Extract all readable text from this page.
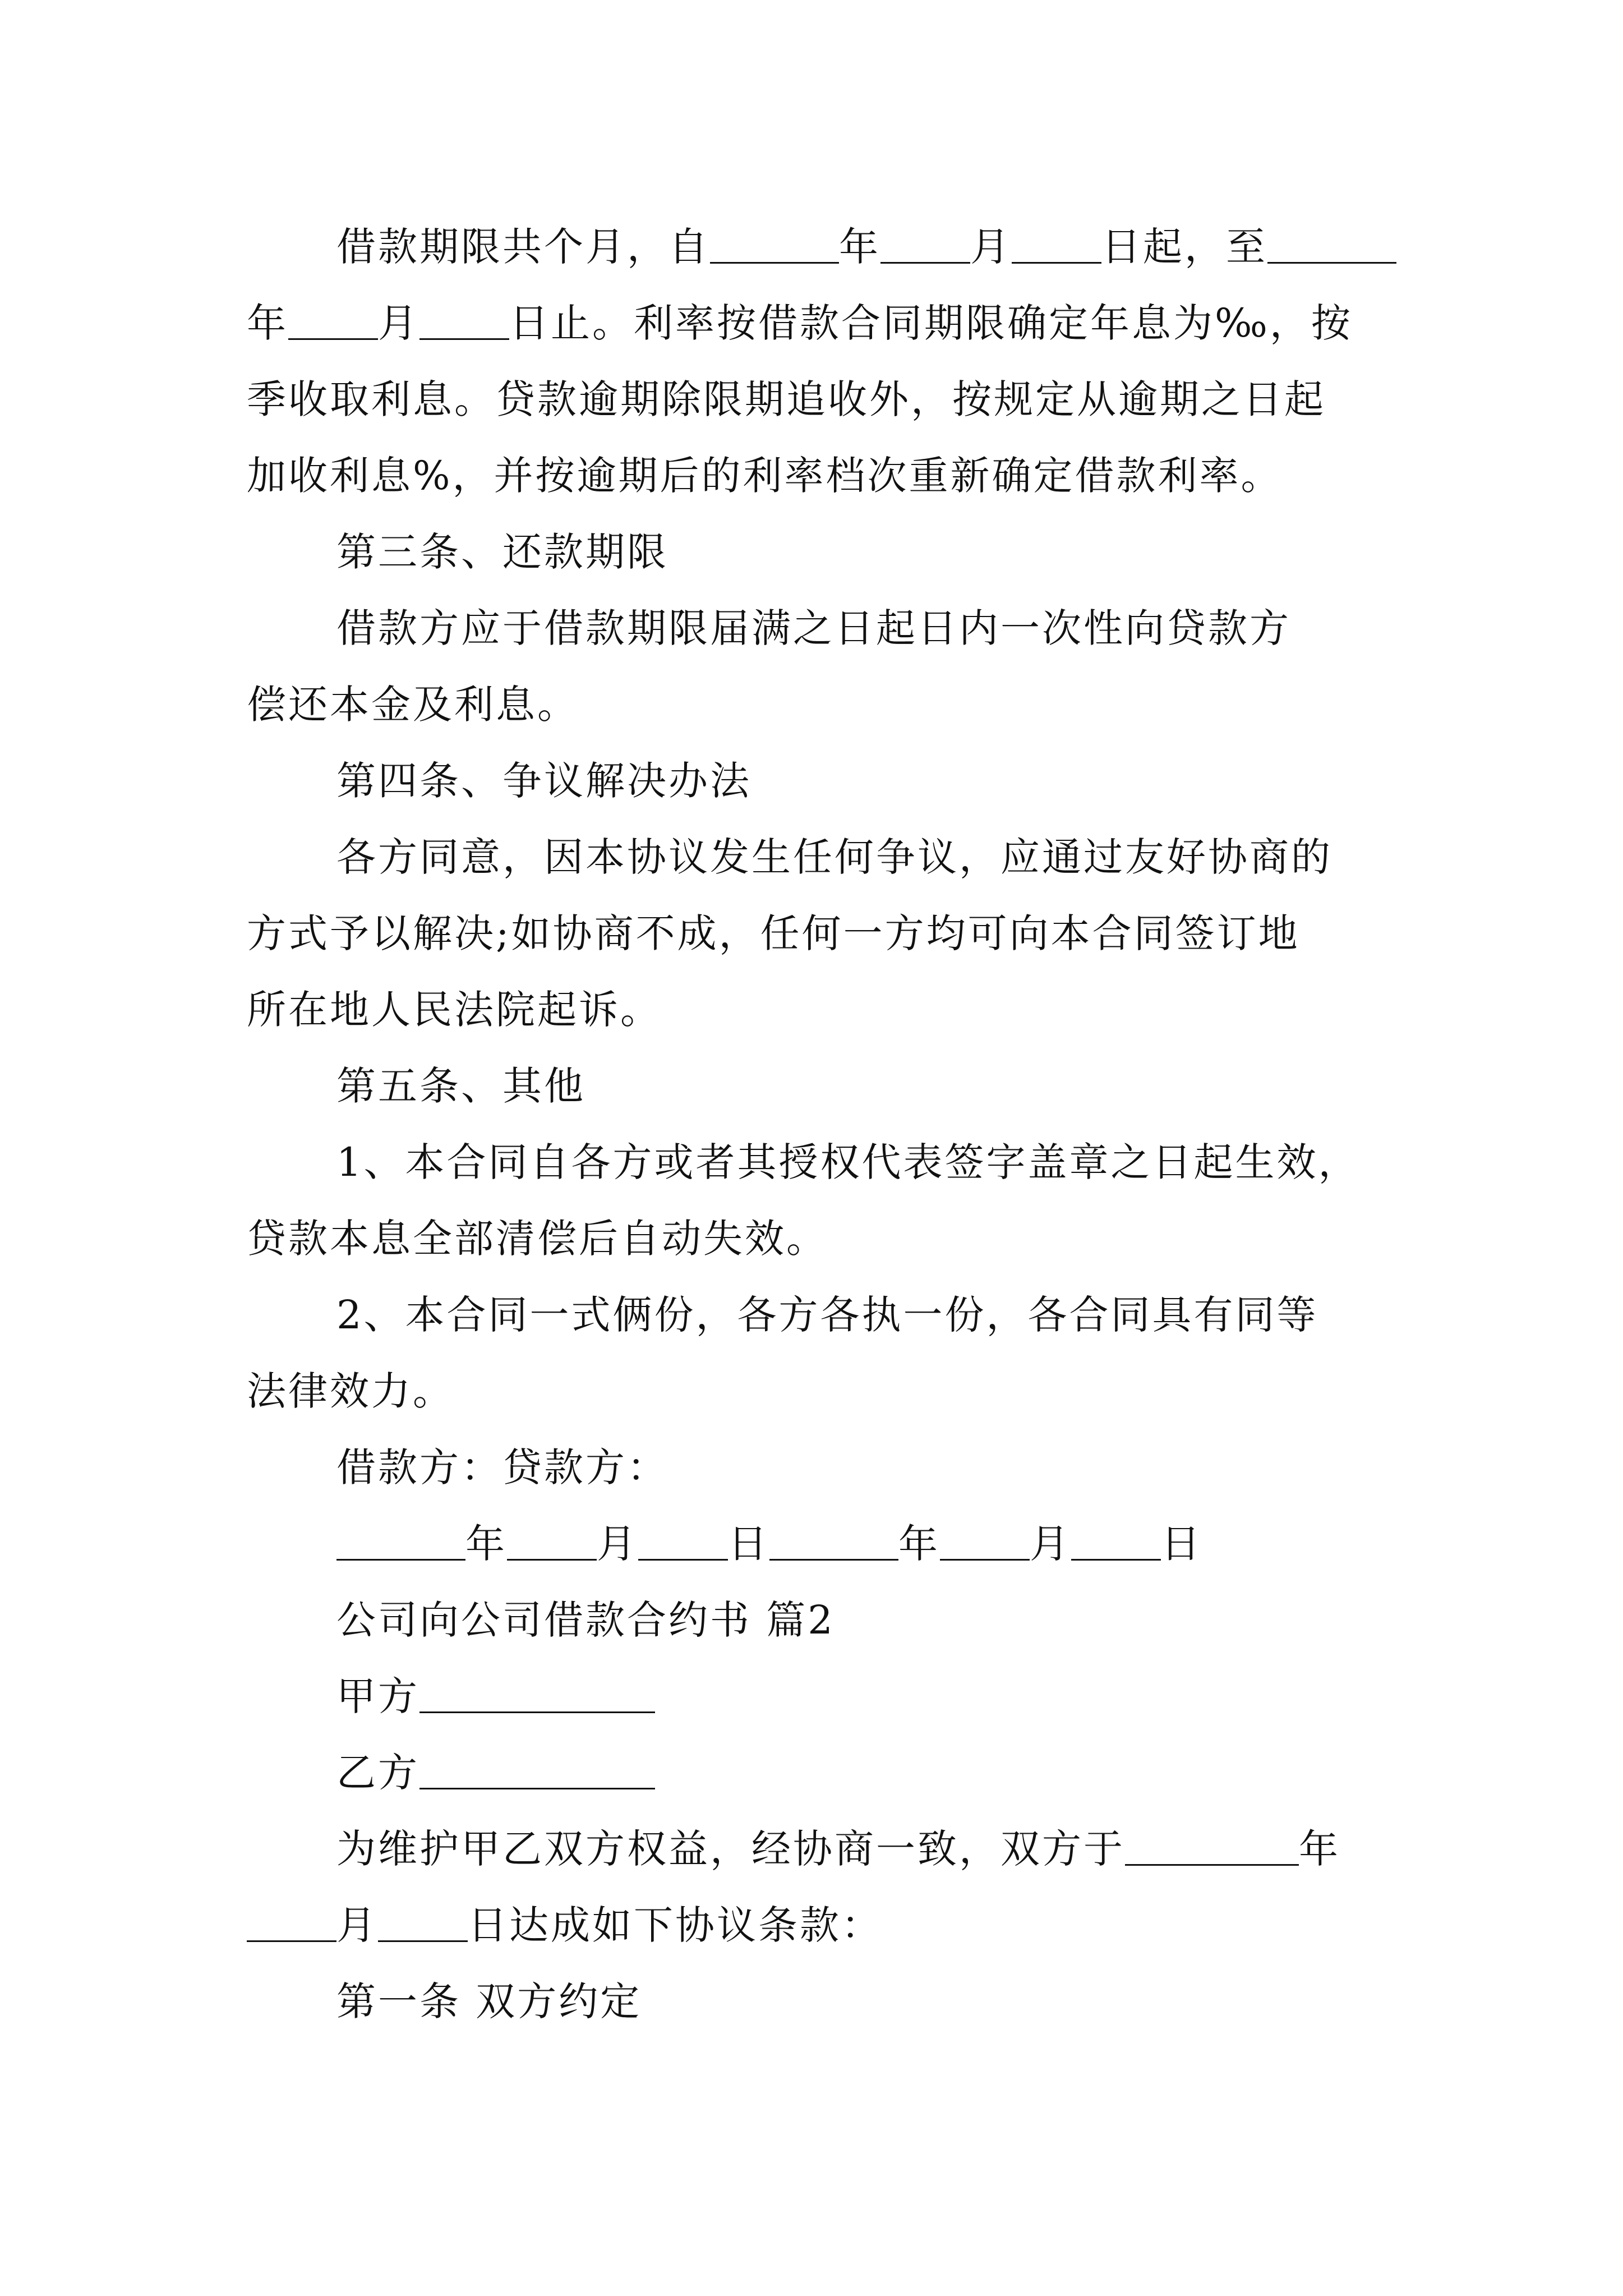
借款期限共个月，自	年 月 日起，至
年 月 日止。利率按借款合同期限确定年息为‰，按
季收取利息。贷款逾期除限期追收外，按规定从逾期之日起
加收利息%，并按逾期后的利率档次重新确定借款利率。
第三条、还款期限
借款方应于借款期限届满之日起日内一次性向贷款方
偿还本金及利息。
第四条、争议解决办法
各方同意，因本协议发生任何争议，应通过友好协商的
方式予以解决;如协商不成，任何一方均可向本合同签订地
所在地人民法院起诉。
第五条、其他
1、本合同自各方或者其授权代表签字盖章之日起生效，
贷款本息全部清偿后自动失效。
2、本合同一式俩份，各方各执一份，各合同具有同等
法律效力。
借款方：贷款方：
年 月 日	年 月 日
公司向公司借款合约书 篇2
甲方
乙方
为维护甲乙双方权益，经协商一致，双方于	年
月 日达成如下协议条款：
第一条 双方约定
